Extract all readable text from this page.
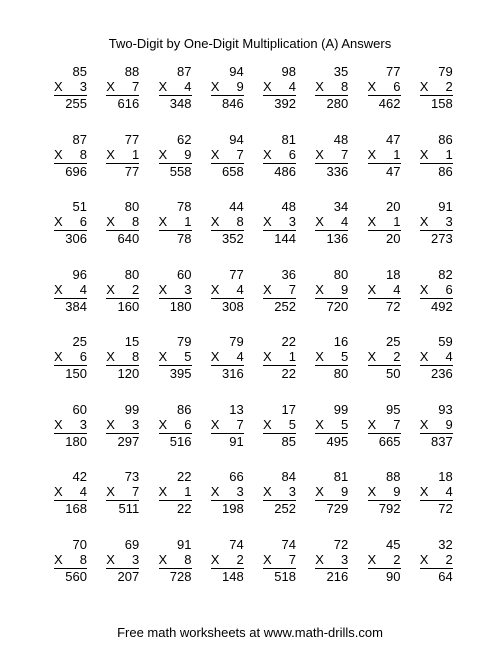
Two-Digit by One-Digit Multiplication (A) Answers
85
X 3
255
88
X 7
616
87
X 4
348
94
X 9
846
98
X 4
392
35
X 8
280
77
X 6
462
79
X 2
158
87
X 8
696
77
X 1
77
62
X 9
558
94
X 7
658
81
X 6
486
48
X 7
336
47
X 1
47
86
X 1
86
51
X 6
306
80
X 8
640
78
X 1
78
44
X 8
352
48
X 3
144
34
X 4
136
20
X 1
20
91
X 3
273
96
X 4
384
80
X 2
160
60
X 3
180
77
X 4
308
36
X 7
252
80
X 9
720
18
X 4
72
82
X 6
492
25
X 6
150
15
X 8
120
79
X 5
395
79
X 4
316
22
X 1
22
16
X 5
80
25
X 2
50
59
X 4
236
60
X 3
180
99
X 3
297
86
X 6
516
13
X 7
91
17
X 5
85
99
X 5
495
95
X 7
665
93
X 9
837
42
X 4
168
73
X 7
511
22
X 1
22
66
X 3
198
84
X 3
252
81
X 9
729
88
X 9
792
18
X 4
72
70
X 8
560
69
X 3
207
91
X 8
728
74
X 2
148
74
X 7
518
72
X 3
216
45
X 2
90
32
X 2
64
Free math worksheets at www.math-drills.com
